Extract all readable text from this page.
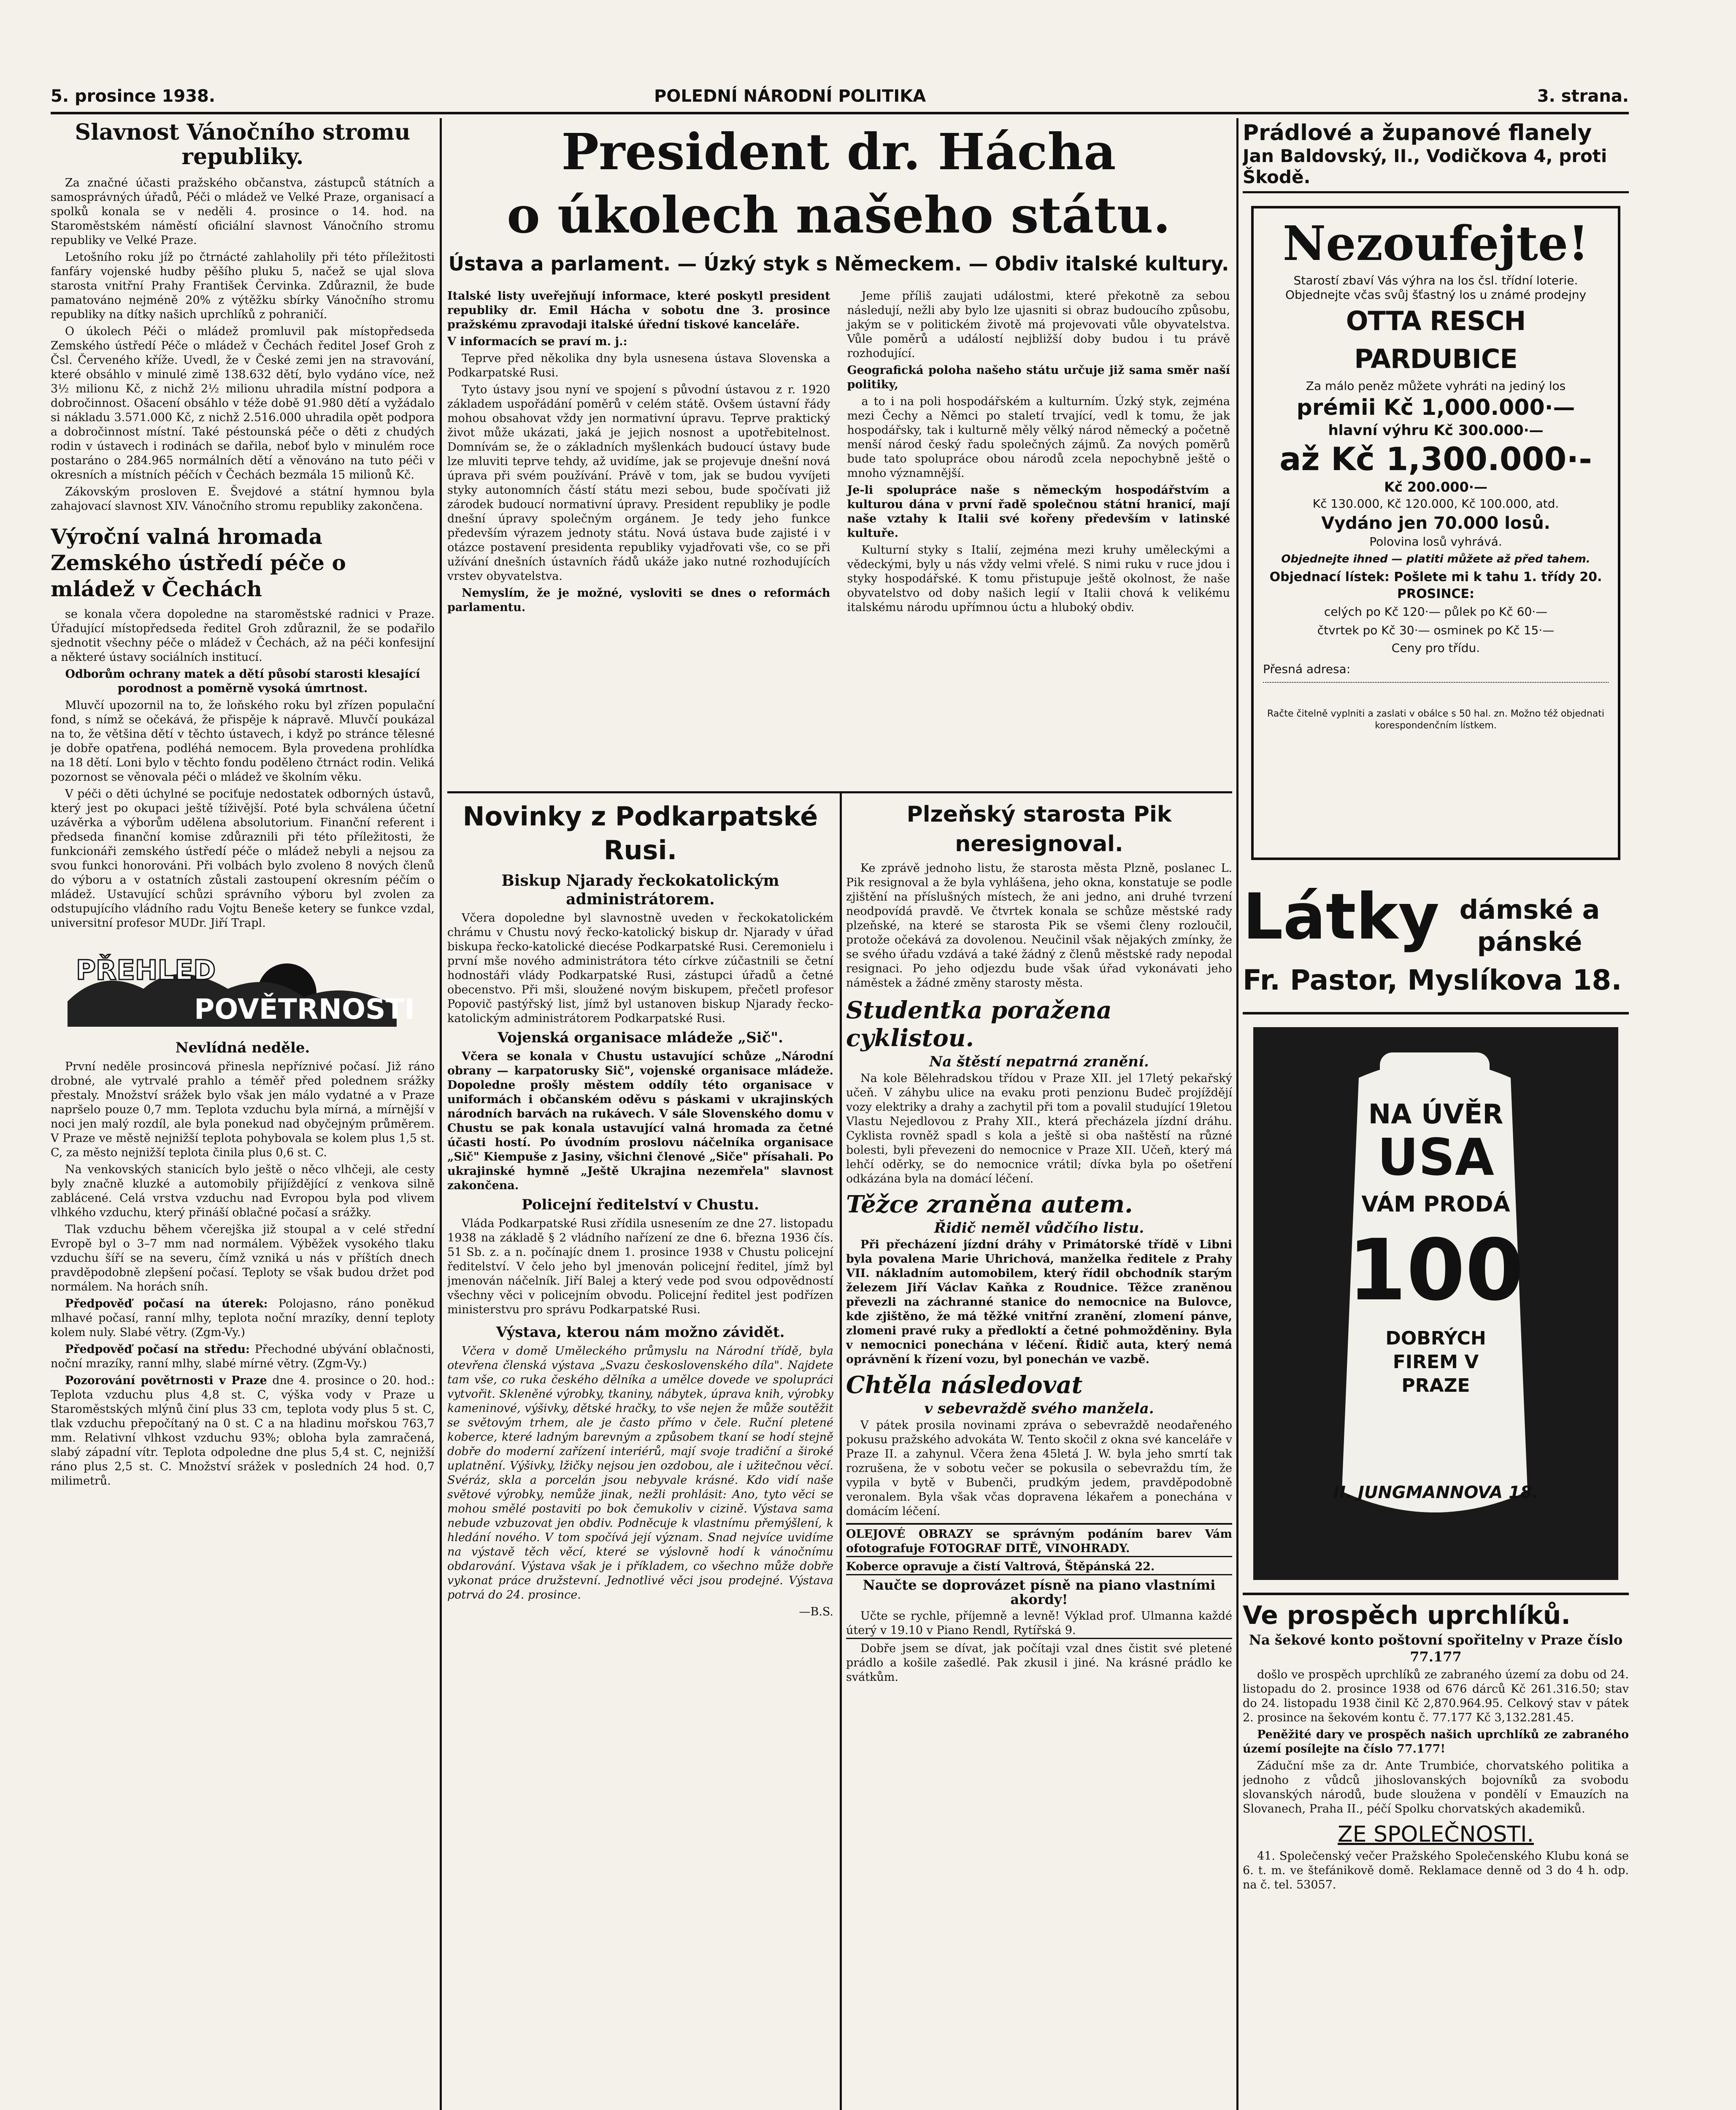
5. prosince 1938.	POLEDNÍ NÁRODNÍ POLITIKA	3. strana.
Slavnost Vánočního stromu republiky.

Za značné účasti pražského občanstva, zástupců státních a samosprávných úřadů, Péči o mládež ve Velké Praze, organisací a spolků konala se v neděli 4. prosince o 14. hod. na Staroměstském náměstí oficiální slavnost Vánočního stromu republiky ve Velké Praze.

Letošního roku jíž po čtrnácté zahlaholily při této příležitosti fanfáry vojenské hudby pěšího pluku 5, načež se ujal slova starosta vnitřní Prahy František Červinka. Zdůraznil, že bude pamatováno nejméně 20% z výtěžku sbírky Vánočního stromu republiky na dítky našich uprchlíků z pohraničí.

O úkolech Péči o mládež promluvil pak místopředseda Zemského ústředí Péče o mládež v Čechách ředitel Josef Groh z Čsl. Červeného kříže. Uvedl, že v České zemi jen na stravování, které obsáhlo v minulé zimě 138.632 dětí, bylo vydáno více, než 3½ milionu Kč, z nichž 2½ milionu uhradila místní podpora a dobročinnost. Ošacení obsáhlo v téže době 91.980 dětí a vyžádalo si nákladu 3.571.000 Kč, z nichž 2.516.000 uhradila opět podpora a dobročinnost místní. Také péstounská péče o děti z chudých rodin v ústavech i rodinách se dařila, neboť bylo v minulém roce postaráno o 284.965 normálních dětí a věnováno na tuto péči v okresních a místních péčích v Čechách bezmála 15 milionů Kč.

Zákovským prosloven E. Švejdové a státní hymnou byla zahajovací slavnost XIV. Vánočního stromu republiky zakončena.

Výroční valná hromada Zemského ústředí péče o mládež v Čechách

se konala včera dopoledne na staroměstské radnici v Praze. Úřadující místopředseda ředitel Groh zdůraznil, že se podařilo sjednotit všechny péče o mládež v Čechách, až na péči konfesijní a některé ústavy sociálních institucí.

Odborům ochrany matek a dětí působí starosti klesající porodnost a poměrně vysoká úmrtnost.

Mluvčí upozornil na to, že loňského roku byl zřízen populační fond, s nímž se očekává, že přispěje k nápravě. Mluvčí poukázal na to, že většina dětí v těchto ústavech, i když po stránce tělesné je dobře opatřena, podléhá nemocem. Byla provedena prohlídka na 18 dětí. Loni bylo v těchto fondu poděleno čtrnáct rodin. Veliká pozornost se věnovala péči o mládež ve školním věku.

V péči o děti úchylné se pociťuje nedostatek odborných ústavů, který jest po okupaci ještě tíživější. Poté byla schválena účetní uzávěrka a výborům udělena absolutorium. Finanční referent i předseda finanční komise zdůraznili při této příležitosti, že funkcionáři zemského ústředí péče o mládež nebyli a nejsou za svou funkci honorováni. Při volbách bylo zvoleno 8 nových členů do výboru a v ostatních zůstali zastoupení okresním péčím o mládež. Ustavující schůzi správního výboru byl zvolen za odstupujícího vládního radu Vojtu Beneše ketery se funkce vzdal, universitní profesor MUDr. Jiří Trapl.

PŘEHLED
POVĚTRNOSTI
Nevlídná neděle.

První neděle prosincová přinesla nepříznivé počasí. Již ráno drobné, ale vytrvalé prahlo a téměř před polednem srážky přestaly. Množství srážek bylo však jen málo vydatné a v Praze napršelo pouze 0,7 mm. Teplota vzduchu byla mírná, a mírnější v noci jen malý rozdíl, ale byla ponekud nad obyčejným průměrem. V Praze ve městě nejnižší teplota pohybovala se kolem plus 1,5 st. C, za město nejnižší teplota činila plus 0,6 st. C.

Na venkovských stanicích bylo ještě o něco vlhčeji, ale cesty byly značně kluzké a automobily přijíždějící z venkova silně zablácené. Celá vrstva vzduchu nad Evropou byla pod vlivem vlhkého vzduchu, který přináší oblačné počasí a srážky.

Tlak vzduchu během včerejška již stoupal a v celé střední Evropě byl o 3–7 mm nad normálem. Výběžek vysokého tlaku vzduchu šíří se na severu, čímž vzniká u nás v příštích dnech pravděpodobně zlepšení počasí. Teploty se však budou držet pod normálem. Na horách sníh.

Předpověď počasí na úterek: Polojasno, ráno poněkud mlhavé počasí, ranní mlhy, teplota noční mrazíky, denní teploty kolem nuly. Slabé větry. (Zgm-Vy.)

Předpověď počasí na středu: Přechodné ubývání oblačnosti, noční mrazíky, ranní mlhy, slabé mírné větry. (Zgm-Vy.)

Pozorování povětrnosti v Praze dne 4. prosince o 20. hod.: Teplota vzduchu plus 4,8 st. C, výška vody v Praze u Staroměstských mlýnů činí plus 33 cm, teplota vody plus 5 st. C, tlak vzduchu přepočítaný na 0 st. C a na hladinu mořskou 763,7 mm. Relativní vlhkost vzduchu 93%; obloha byla zamračená, slabý západní vítr. Teplota odpoledne dne plus 5,4 st. C, nejnižší ráno plus 2,5 st. C. Množství srážek v posledních 24 hod. 0,7 milimetrů.

President dr. Hácha
o úkolech našeho státu.
Ústava a parlament. — Úzký styk s Německem. — Obdiv italské kultury.

Italské listy uveřejňují informace, které poskytl president republiky dr. Emil Hácha v sobotu dne 3. prosince pražskému zpravodaji italské úřední tiskové kanceláře.

V informacích se praví m. j.:

Teprve před několika dny byla usnesena ústava Slovenska a Podkarpatské Rusi.

Tyto ústavy jsou nyní ve spojení s původní ústavou z r. 1920 základem uspořádání poměrů v celém státě. Ovšem ústavní řády mohou obsahovat vždy jen normativní úpravu. Teprve praktický život může ukázati, jaká je jejich nosnost a upotřebitelnost. Domnívám se, že o základních myšlenkách budoucí ústavy bude lze mluviti teprve tehdy, až uvidíme, jak se projevuje dnešní nová úprava při svém používání. Právě v tom, jak se budou vyvíjeti styky autonomních částí státu mezi sebou, bude spočívati již zárodek budoucí normativní úpravy. President republiky je podle dnešní úpravy společným orgánem. Je tedy jeho funkce především výrazem jednoty státu. Nová ústava bude zajisté i v otázce postavení presidenta republiky vyjadřovati vše, co se při užívání dnešních ústavních řádů ukáže jako nutné rozhodujících vrstev obyvatelstva.

Nemyslím, že je možné, vysloviti se dnes o reformách parlamentu.

Jeme příliš zaujati událostmi, které překotně za sebou následují, nežli aby bylo lze ujasniti si obraz budoucího způsobu, jakým se v politickém životě má projevovati vůle obyvatelstva. Vůle poměrů a událostí nejbližší doby budou i tu právě rozhodující.

Geografická poloha našeho státu určuje již sama směr naší politiky,

a to i na poli hospodářském a kulturním. Úzký styk, zejména mezi Čechy a Němci po staletí trvající, vedl k tomu, že jak hospodářsky, tak i kulturně měly vělký národ německý a početně menší národ český řadu společných zájmů. Za nových poměrů bude tato spolupráce obou národů zcela nepochybně ještě o mnoho významnější.

Je-li spolupráce naše s německým hospodářstvím a kulturou dána v první řadě společnou státní hranicí, mají naše vztahy k Italii své kořeny především v latinské kultuře.

Kulturní styky s Italií, zejména mezi kruhy uměleckými a vědeckými, byly u nás vždy velmi vřelé. S nimi ruku v ruce jdou i styky hospodářské. K tomu přistupuje ještě okolnost, že naše obyvatelstvo od doby našich legií v Italii chová k velikému italskému národu upřímnou úctu a hluboký obdiv.

Novinky z Podkarpatské Rusi.

Biskup Njarady řeckokatolickým administrátorem.

Včera dopoledne byl slavnostně uveden v řeckokatolickém chrámu v Chustu nový řecko-katolický biskup dr. Njarady v úřad biskupa řecko-katolické diecése Podkarpatské Rusi. Ceremonielu i první mše nového administrátora této církve zúčastnili se četní hodnostáři vlády Podkarpatské Rusi, zástupci úřadů a četné obecenstvo. Při mši, sloužené novým biskupem, přečetl profesor Popovič pastýřský list, jímž byl ustanoven biskup Njarady řecko-katolickým administrátorem Podkarpatské Rusi.

Vojenská organisace mládeže „Sič".

Včera se konala v Chustu ustavující schůze „Národní obrany — karpatorusky Sič", vojenské organisace mládeže. Dopoledne prošly městem oddíly této organisace v uniformách i občanském oděvu s páskami v ukrajinských národních barvách na rukávech. V sále Slovenského domu v Chustu se pak konala ustavující valná hromada za četné účasti hostí. Po úvodním proslovu náčelníka organisace „Sič" Kiempuše z Jasiny, všichni členové „Siče" přísahali. Po ukrajinské hymně „Ještě Ukrajina nezemřela" slavnost zakončena.

Policejní ředitelství v Chustu.

Vláda Podkarpatské Rusi zřídila usnesením ze dne 27. listopadu 1938 na základě § 2 vládního nařízení ze dne 6. března 1936 čís. 51 Sb. z. a n. počínajíc dnem 1. prosince 1938 v Chustu policejní ředitelství. V čelo jeho byl jmenován policejní ředitel, jímž byl jmenován náčelník. Jiří Balej a který vede pod svou odpovědností všechny věci v policejním obvodu. Policejní ředitel jest podřízen ministerstvu pro správu Podkarpatské Rusi.

Výstava, kterou nám možno závidět.

Včera v domě Uměleckého průmyslu na Národní třídě, byla otevřena členská výstava „Svazu československého díla". Najdete tam vše, co ruka českého dělníka a umělce dovede ve spolupráci vytvořit. Skleněné výrobky, tkaniny, nábytek, úprava knih, výrobky kameninové, výšivky, dětské hračky, to vše nejen že může soutěžit se světovým trhem, ale je často přímo v čele. Ruční pletené koberce, které ladným barevným a způsobem tkaní se hodí stejně dobře do moderní zařízení interiérů, mají svoje tradiční a široké uplatnění. Výšivky, lžičky nejsou jen ozdobou, ale i užitečnou věcí. Svéráz, skla a porcelán jsou nebyvale krásné. Kdo vidí naše světové výrobky, nemůže jinak, nežli prohlásit: Ano, tyto věci se mohou smělé postaviti po bok čemukoliv v cizině. Výstava sama nebude vzbuzovat jen obdiv. Podněcuje k vlastnímu přemýšlení, k hledání nového. V tom spočívá její význam. Snad nejvíce uvidíme na výstavě těch věcí, které se výslovně hodí k vánočnímu obdarování. Výstava však je i příkladem, co všechno může dobře vykonat práce družstevní. Jednotlivé věci jsou prodejné. Výstava potrvá do 24. prosince.

—B.S.

Plzeňský starosta Pik neresignoval.

Ke zprávě jednoho listu, že starosta města Plzně, poslanec L. Pik resignoval a že byla vyhlášena, jeho okna, konstatuje se podle zjištění na příslušných místech, že ani jedno, ani druhé tvrzení neodpovídá pravdě. Ve čtvrtek konala se schůze městské rady plzeňské, na které se starosta Pik se všemi členy rozloučil, protože očekává za dovolenou. Neučinil však nějakých zmínky, že se svého úřadu vzdává a také žádný z členů městské rady nepodal resignaci. Po jeho odjezdu bude však úřad vykonávati jeho náměstek a žádné změny starosty města.

Studentka poražena cyklistou.
Na štěstí nepatrná zranění.

Na kole Bělehradskou třídou v Praze XII. jel 17letý pekařský učeň. V záhybu ulice na evaku proti penzionu Budeč projíždějí vozy elektriky a drahy a zachytil při tom a povalil studující 19letou Vlastu Nejedlovou z Prahy XII., která přecházela jízdní dráhu. Cyklista rovněž spadl s kola a ještě si oba naštěstí na různé bolesti, byli převezeni do nemocnice v Praze XII. Učeň, který má lehčí oděrky, se do nemocnice vrátil; dívka byla po ošetření odkázána byla na domácí léčení.

Těžce zraněna autem.
Řidič neměl vůdčího listu.

Při přecházení jízdní dráhy v Primátorské třídě v Libni byla povalena Marie Uhrichová, manželka ředitele z Prahy VII. nákladním automobilem, který řídil obchodník starým železem Jiří Václav Kaňka z Roudnice. Těžce zraněnou převezli na záchranné stanice do nemocnice na Bulovce, kde zjištěno, že má těžké vnitřní zranění, zlomení pánve, zlomeni pravé ruky a předloktí a četné pohmožděniny. Byla v nemocnici ponechána v léčení. Řidič auta, který nemá oprávnění k řízení vozu, byl ponechán ve vazbě.

Chtěla následovat
v sebevraždě svého manžela.

V pátek prosila novinami zpráva o sebevraždě neodařeného pokusu pražského advokáta W. Tento skočil z okna své kanceláře v Praze II. a zahynul. Včera žena 45letá J. W. byla jeho smrtí tak rozrušena, že v sobotu večer se pokusila o sebevraždu tím, že vypila v bytě v Bubenči, prudkým jedem, pravděpodobně veronalem. Byla však včas dopravena lékařem a ponechána v domácím léčení.

OLEJOVÉ OBRAZY se správným podáním barev Vám ofotografuje FOTOGRAF DITĚ, VINOHRADY.

Koberce opravuje a čistí Valtrová, Štěpánská 22.

Naučte se doprovázet písně na piano vlastními akordy!

Učte se rychle, příjemně a levně! Výklad prof. Ulmanna každé úterý v 19.10 v Piano Rendl, Rytířská 9.

Dobře jsem se dívat, jak počítaji vzal dnes čistit své pletené prádlo a košile zašedlé. Pak zkusil i jiné. Na krásné prádlo ke svátkům.

Prádlové a županové flanely
Jan Baldovský, II., Vodičkova 4, proti Škodě.
Nezoufejte!
Starostí zbaví Vás výhra na los čsl. třídní loterie. Objednejte včas svůj šťastný los u známé prodejny
OTTA RESCH PARDUBICE
Za málo peněz můžete vyhráti na jediný los
prémii Kč 1,000.000·—
hlavní výhru Kč 300.000·—
až Kč 1,300.000·-
Kč 200.000·—
Kč 130.000, Kč 120.000, Kč 100.000, atd.
Vydáno jen 70.000 losů.
Polovina losů vyhrává.
Objednejte ihned — platiti můžete až před tahem.
Objednací lístek: Pošlete mi k tahu 1. třídy 20. PROSINCE:
celých po Kč 120·— půlek po Kč 60·—
čtvrtek po Kč 30·— osminek po Kč 15·—
Ceny pro třídu.
Přesná adresa:
Račte čitelně vyplniti a zaslati v obálce s 50 hal. zn. Možno též objednati korespondenčním lístkem.
Látky dámské a pánské
Fr. Pastor, Myslíkova 18.
NA ÚVĚR
USA
VÁM PRODÁ
100
DOBRÝCH FIREM V PRAZE
II. JUNGMANNOVA 18.
Ve prospěch uprchlíků.

Na šekové konto poštovní spořitelny v Praze číslo 77.177

došlo ve prospěch uprchlíků ze zabraného území za dobu od 24. listopadu do 2. prosince 1938 od 676 dárců Kč 261.316.50; stav do 24. listopadu 1938 činil Kč 2,870.964.95. Celkový stav v pátek 2. prosince na šekovém kontu č. 77.177 Kč 3,132.281.45.

Peněžité dary ve prospěch našich uprchlíků ze zabraného území posílejte na číslo 77.177!

Záduční mše za dr. Ante Trumbiće, chorvatského politika a jednoho z vůdců jihoslovanských bojovníků za svobodu slovanských národů, bude sloužena v pondělí v Emauzích na Slovanech, Praha II., péčí Spolku chorvatských akademiků.

ZE SPOLEČNOSTI.

41. Společenský večer Pražského Společenského Klubu koná se 6. t. m. ve štefánikově domě. Reklamace denně od 3 do 4 h. odp. na č. tel. 53057.
